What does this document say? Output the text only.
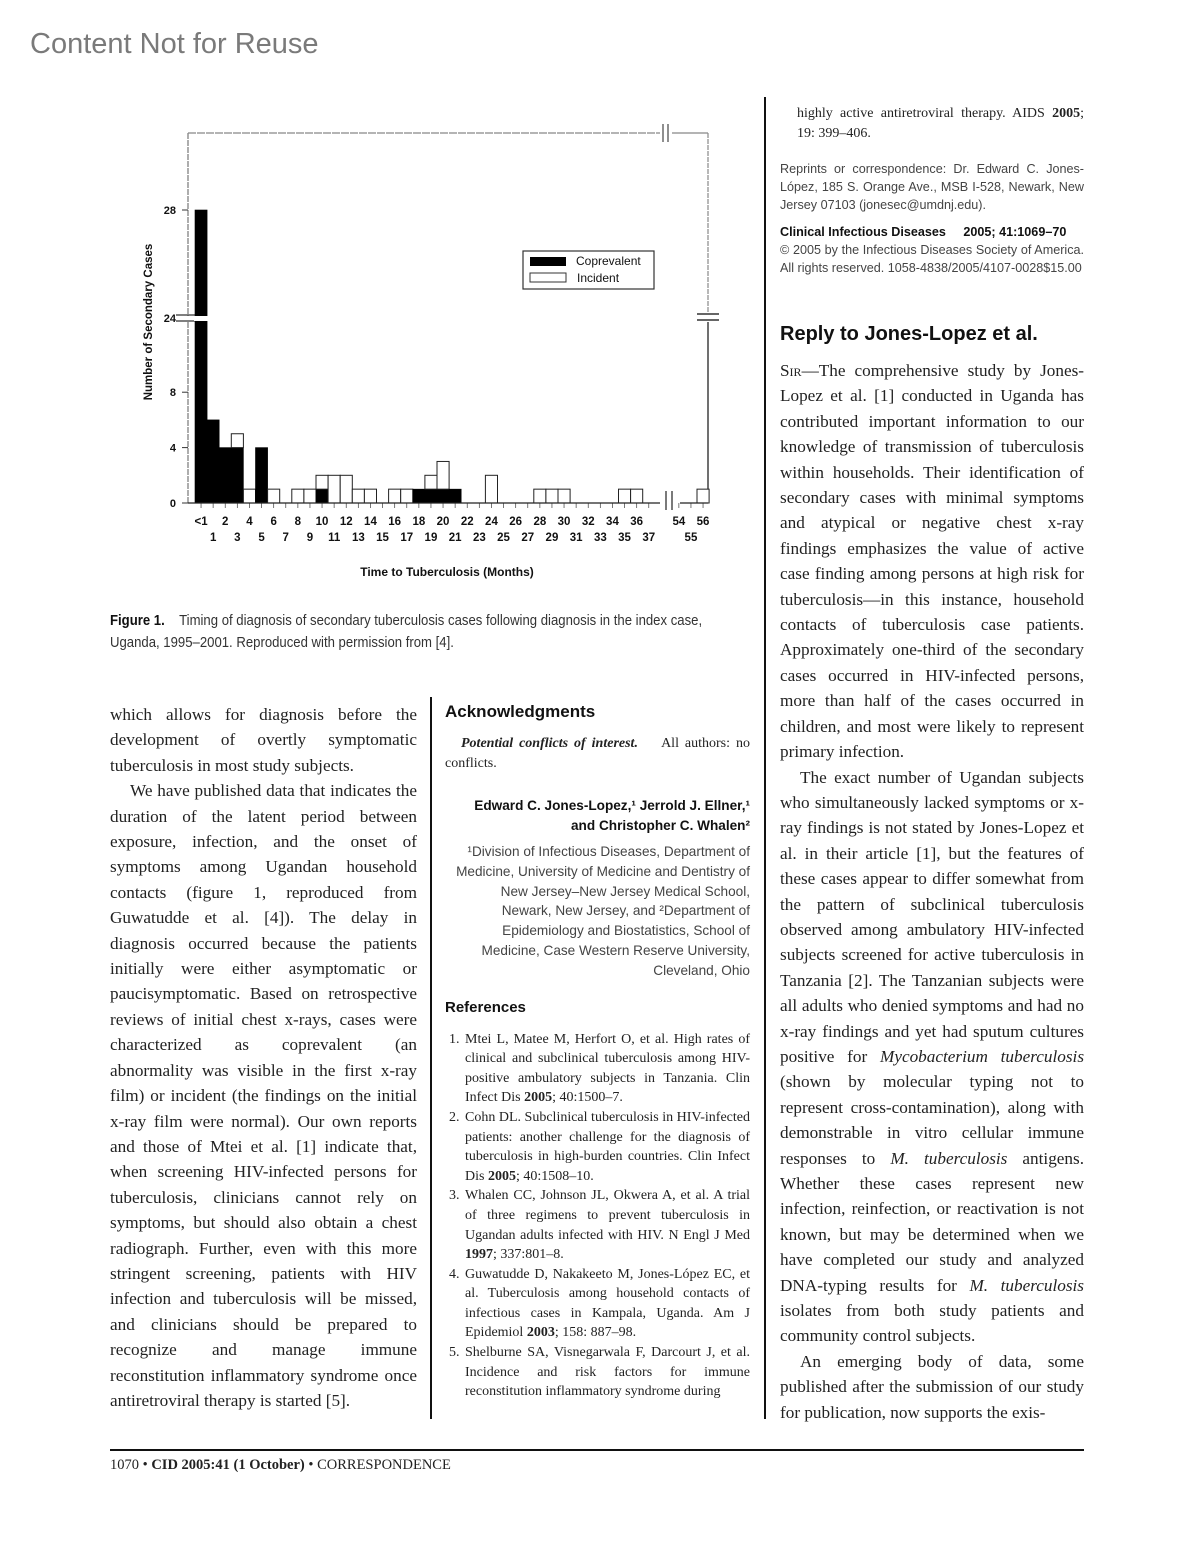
Content Not for Reuse
0
4
8
24
28
Number of Secondary Cases
<1
1
2
3
4
5
6
7
8
9
10
11
12
13
14
15
16
17
18
19
20
21
22
23
24
25
26
27
28
29
30
31
32
33
34
35
36
37
54
55
56
Time to Tuberculosis (Months)
Coprevalent
Incident
Figure 1. Timing of diagnosis of secondary tuberculosis cases following diagnosis in the index case, Uganda, 1995–2001. Reproduced with permission from [4].

which allows for diagnosis before the development of overtly symptomatic tuberculosis in most study subjects.

We have published data that indicates the duration of the latent period between exposure, infection, and the onset of symptoms among Ugandan household contacts (figure 1, reproduced from Guwatudde et al. [4]). The delay in diagnosis occurred because the patients initially were either asymptomatic or paucisymptomatic. Based on retrospective reviews of initial chest x-rays, cases were characterized as coprevalent (an abnormality was visible in the first x-ray film) or incident (the findings on the initial x-ray film were normal). Our own reports and those of Mtei et al. [1] indicate that, when screening HIV-infected persons for tuberculosis, clinicians cannot rely on symptoms, but should also obtain a chest radiograph. Further, even with this more stringent screening, patients with HIV infection and tuberculosis will be missed, and clinicians should be prepared to recognize and manage immune reconstitution inflammatory syndrome once antiretroviral therapy is started [5].

Acknowledgments
Potential conflicts of interest. All authors: no conflicts.
Edward C. Jones-Lopez,¹ Jerrold J. Ellner,¹
and Christopher C. Whalen²
¹Division of Infectious Diseases, Department of Medicine, University of Medicine and Dentistry of New Jersey–New Jersey Medical School, Newark, New Jersey, and ²Department of Epidemiology and Biostatistics, School of Medicine, Case Western Reserve University, Cleveland, Ohio
References
1. Mtei L, Matee M, Herfort O, et al. High rates of clinical and subclinical tuberculosis among HIV-positive ambulatory subjects in Tanzania. Clin Infect Dis 2005; 40:1500–7.
2. Cohn DL. Subclinical tuberculosis in HIV-infected patients: another challenge for the diagnosis of tuberculosis in high-burden countries. Clin Infect Dis 2005; 40:1508–10.
3. Whalen CC, Johnson JL, Okwera A, et al. A trial of three regimens to prevent tuberculosis in Ugandan adults infected with HIV. N Engl J Med 1997; 337:801–8.
4. Guwatudde D, Nakakeeto M, Jones-López EC, et al. Tuberculosis among household contacts of infectious cases in Kampala, Uganda. Am J Epidemiol 2003; 158: 887–98.
5. Shelburne SA, Visnegarwala F, Darcourt J, et al. Incidence and risk factors for immune reconstitution inflammatory syndrome during
highly active antiretroviral therapy. AIDS 2005; 19: 399–406.
Reprints or correspondence: Dr. Edward C. Jones-López, 185 S. Orange Ave., MSB I-528, Newark, New Jersey 07103 (jonesec@umdnj.edu).
Clinical Infectious Diseases 2005; 41:1069–70
© 2005 by the Infectious Diseases Society of America. All rights reserved. 1058-4838/2005/4107-0028$15.00
Reply to Jones-Lopez et al.

Sir—The comprehensive study by Jones-Lopez et al. [1] conducted in Uganda has contributed important information to our knowledge of transmission of tuberculosis within households. Their identification of secondary cases with minimal symptoms and atypical or negative chest x-ray findings emphasizes the value of active case finding among persons at high risk for tuberculosis—in this instance, household contacts of tuberculosis case patients. Approximately one-third of the secondary cases occurred in HIV-infected persons, more than half of the cases occurred in children, and most were likely to represent primary infection.

The exact number of Ugandan subjects who simultaneously lacked symptoms or x-ray findings is not stated by Jones-Lopez et al. in their article [1], but the features of these cases appear to differ somewhat from the pattern of subclinical tuberculosis observed among ambulatory HIV-infected subjects screened for active tuberculosis in Tanzania [2]. The Tanzanian subjects were all adults who denied symptoms and had no x-ray findings and yet had sputum cultures positive for Mycobacterium tuberculosis (shown by molecular typing not to represent cross-contamination), along with demonstrable in vitro cellular immune responses to M. tuberculosis antigens. Whether these cases represent new infection, reinfection, or reactivation is not known, but may be determined when we have completed our study and analyzed DNA-typing results for M. tuberculosis isolates from both study patients and community control subjects.

An emerging body of data, some published after the submission of our study for publication, now supports the exis-

1070 • CID 2005:41 (1 October) • CORRESPONDENCE
